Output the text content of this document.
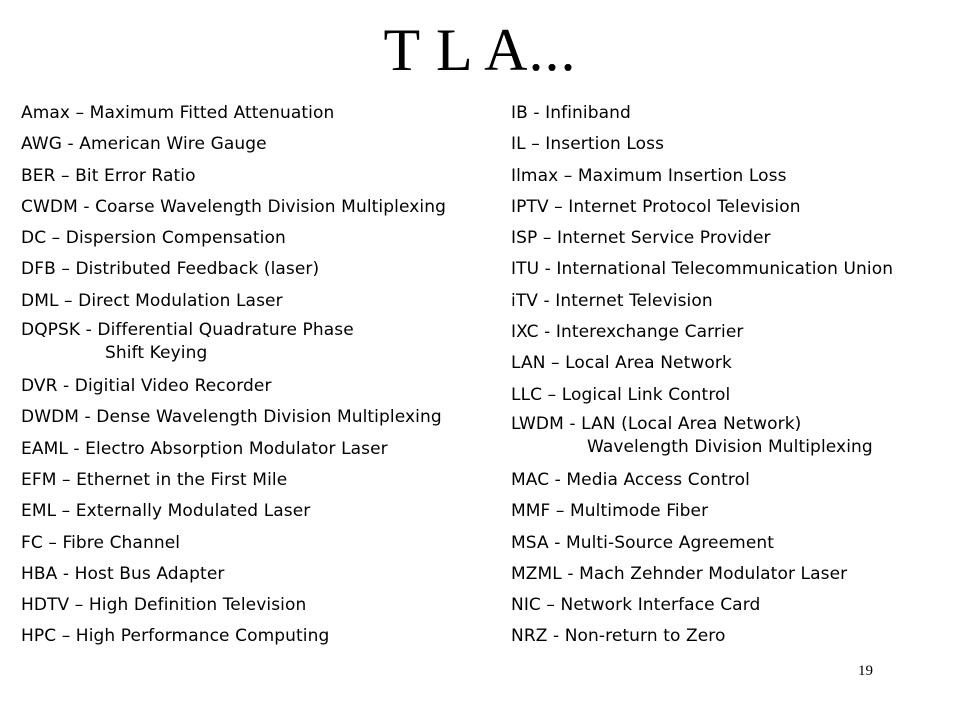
T L A...
Amax – Maximum Fitted Attenuation
AWG - American Wire Gauge
BER – Bit Error Ratio
CWDM - Coarse Wavelength Division Multiplexing
DC – Dispersion Compensation
DFB – Distributed Feedback (laser)
DML – Direct Modulation Laser
DQPSK - Differential Quadrature Phase
Shift Keying
DVR - Digitial Video Recorder
DWDM - Dense Wavelength Division Multiplexing
EAML - Electro Absorption Modulator Laser
EFM – Ethernet in the First Mile
EML – Externally Modulated Laser
FC – Fibre Channel
HBA - Host Bus Adapter
HDTV – High Definition Television
HPC – High Performance Computing
IB - Infiniband
IL – Insertion Loss
Ilmax – Maximum Insertion Loss
IPTV – Internet Protocol Television
ISP – Internet Service Provider
ITU - International Telecommunication Union
iTV - Internet Television
IXC - Interexchange Carrier
LAN – Local Area Network
LLC – Logical Link Control
LWDM - LAN (Local Area Network)
Wavelength Division Multiplexing
MAC - Media Access Control
MMF – Multimode Fiber
MSA - Multi-Source Agreement
MZML - Mach Zehnder Modulator Laser
NIC – Network Interface Card
NRZ - Non-return to Zero
19
